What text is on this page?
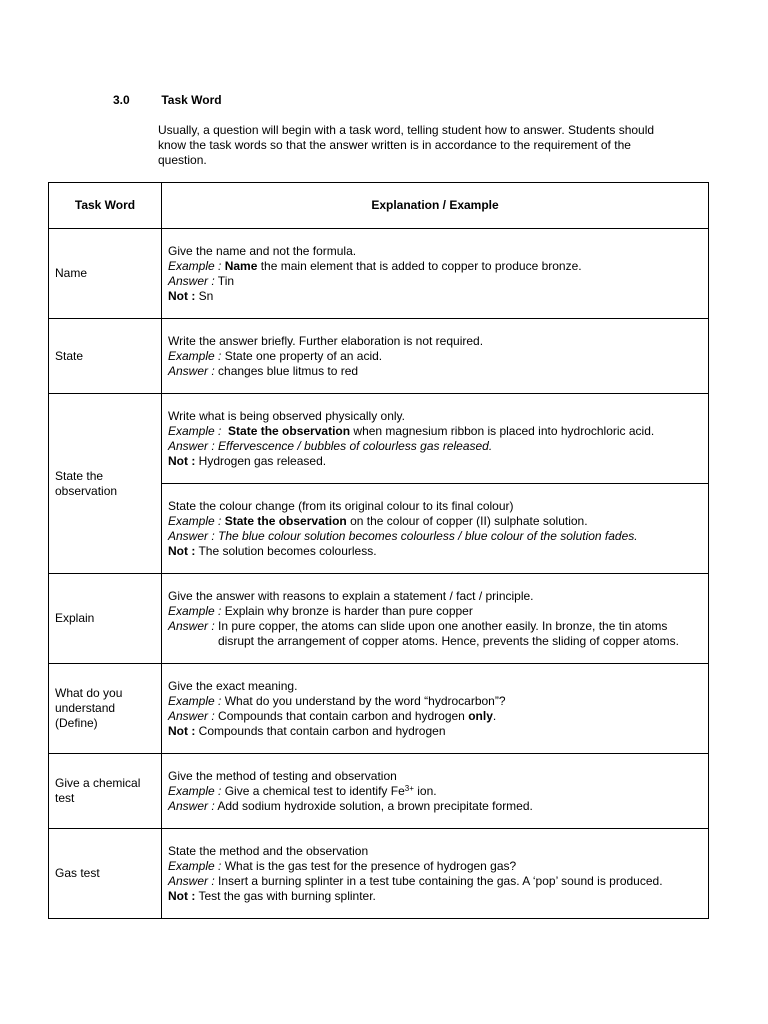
3.0	Task Word
Usually, a question will begin with a task word, telling student how to answer. Students should know the task words so that the answer written is in accordance to the requirement of the question.
Task Word	Explanation / Example
Name	Give the name and not the formula.
Example : Name the main element that is added to copper to produce bronze.
Answer : Tin
Not : Sn

State	Write the answer briefly. Further elaboration is not required.
Example : State one property of an acid.
Answer : changes blue litmus to red

State the observation	Write what is being observed physically only.
Example : State the observation when magnesium ribbon is placed into hydrochloric acid.
Answer : Effervescence / bubbles of colourless gas released.
Not : Hydrogen gas released.

	State the colour change (from its original colour to its final colour)
Example : State the observation on the colour of copper (II) sulphate solution.
Answer : The blue colour solution becomes colourless / blue colour of the solution fades.
Not : The solution becomes colourless.

Explain	Give the answer with reasons to explain a statement / fact / principle.
Example : Explain why bronze is harder than pure copper
Answer : In pure copper, the atoms can slide upon one another easily. In bronze, the tin atoms
disrupt the arrangement of copper atoms. Hence, prevents the sliding of copper atoms.

What do you understand (Define)	Give the exact meaning.
Example : What do you understand by the word “hydrocarbon”?
Answer : Compounds that contain carbon and hydrogen only.
Not : Compounds that contain carbon and hydrogen

Give a chemical test	Give the method of testing and observation
Example : Give a chemical test to identify $Fe^{3+}$ ion.
Answer : Add sodium hydroxide solution, a brown precipitate formed.

Gas test	State the method and the observation
Example : What is the gas test for the presence of hydrogen gas?
Answer : Insert a burning splinter in a test tube containing the gas. A ‘pop’ sound is produced.
Not : Test the gas with burning splinter.
